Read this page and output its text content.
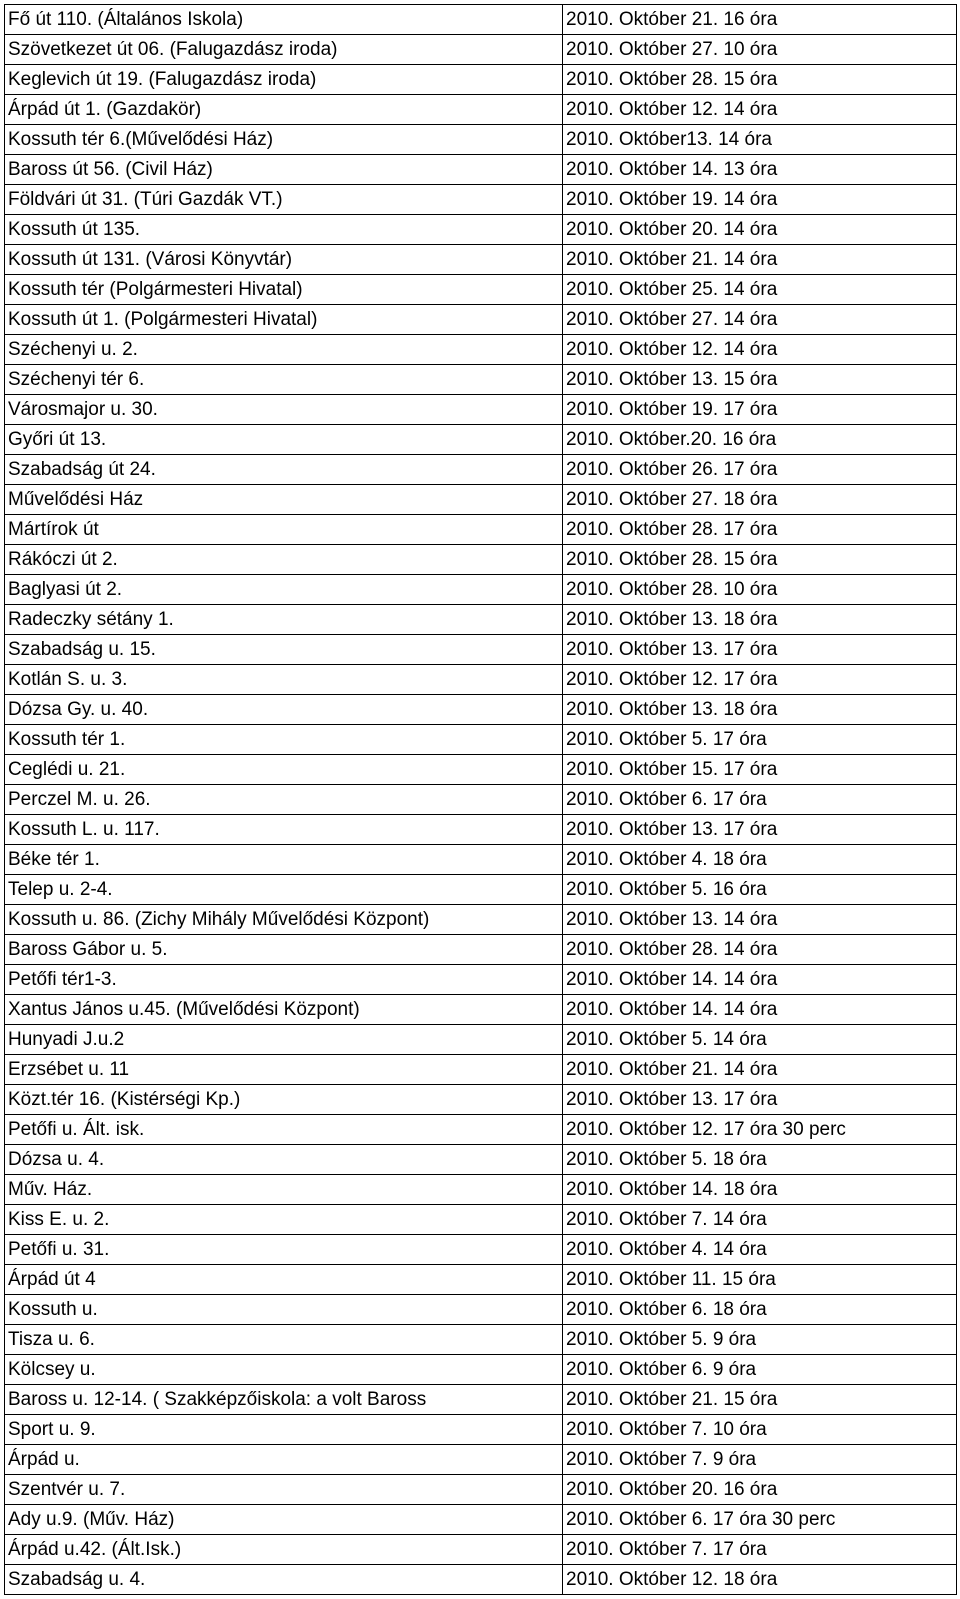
Fő út 110. (Általános Iskola)	2010. Október 21. 16 óra
Szövetkezet út 06. (Falugazdász iroda)	2010. Október 27. 10 óra
Keglevich út 19. (Falugazdász iroda)	2010. Október 28. 15 óra
Árpád út 1. (Gazdakör)	2010. Október 12. 14 óra
Kossuth tér 6.(Művelődési Ház)	2010. Október13. 14 óra
Baross út 56. (Civil Ház)	2010. Október 14. 13 óra
Földvári út 31. (Túri Gazdák VT.)	2010. Október 19. 14 óra
Kossuth út 135.	2010. Október 20. 14 óra
Kossuth út 131. (Városi Könyvtár)	2010. Október 21. 14 óra
Kossuth tér (Polgármesteri Hivatal)	2010. Október 25. 14 óra
Kossuth út 1. (Polgármesteri Hivatal)	2010. Október 27. 14 óra
Széchenyi u. 2.	2010. Október 12. 14 óra
Széchenyi tér 6.	2010. Október 13. 15 óra
Városmajor u. 30.	2010. Október 19. 17 óra
Győri út 13.	2010. Október.20. 16 óra
Szabadság út 24.	2010. Október 26. 17 óra
Művelődési Ház	2010. Október 27. 18 óra
Mártírok út	2010. Október 28. 17 óra
Rákóczi út 2.	2010. Október 28. 15 óra
Baglyasi út 2.	2010. Október 28. 10 óra
Radeczky sétány 1.	2010. Október 13. 18 óra
Szabadság u. 15.	2010. Október 13. 17 óra
Kotlán S. u. 3.	2010. Október 12. 17 óra
Dózsa Gy. u. 40.	2010. Október 13. 18 óra
Kossuth tér 1.	2010. Október 5. 17 óra
Ceglédi u. 21.	2010. Október 15. 17 óra
Perczel M. u. 26.	2010. Október 6. 17 óra
Kossuth L. u. 117.	2010. Október 13. 17 óra
Béke tér 1.	2010. Október 4. 18 óra
Telep u. 2-4.	2010. Október 5. 16 óra
Kossuth u. 86. (Zichy Mihály Művelődési Központ)	2010. Október 13. 14 óra
Baross Gábor u. 5.	2010. Október 28. 14 óra
Petőfi tér1-3.	2010. Október 14. 14 óra
Xantus János u.45. (Művelődési Központ)	2010. Október 14. 14 óra
Hunyadi J.u.2	2010. Október 5. 14 óra
Erzsébet u. 11	2010. Október 21. 14 óra
Közt.tér 16. (Kistérségi Kp.)	2010. Október 13. 17 óra
Petőfi u. Ált. isk.	2010. Október 12. 17 óra 30 perc
Dózsa u. 4.	2010. Október 5. 18 óra
Műv. Ház.	2010. Október 14. 18 óra
Kiss E. u. 2.	2010. Október 7. 14 óra
Petőfi u. 31.	2010. Október 4. 14 óra
Árpád út 4	2010. Október 11. 15 óra
Kossuth u.	2010. Október 6. 18 óra
Tisza u. 6.	2010. Október 5. 9 óra
Kölcsey u.	2010. Október 6. 9 óra
Baross u. 12-14. ( Szakképzőiskola: a volt Baross	2010. Október 21. 15 óra
Sport u. 9.	2010. Október 7. 10 óra
Árpád u.	2010. Október 7. 9 óra
Szentvér u. 7.	2010. Október 20. 16 óra
Ady u.9. (Műv. Ház)	2010. Október 6. 17 óra 30 perc
Árpád u.42. (Ált.Isk.)	2010. Október 7. 17 óra
Szabadság u. 4.	2010. Október 12. 18 óra
